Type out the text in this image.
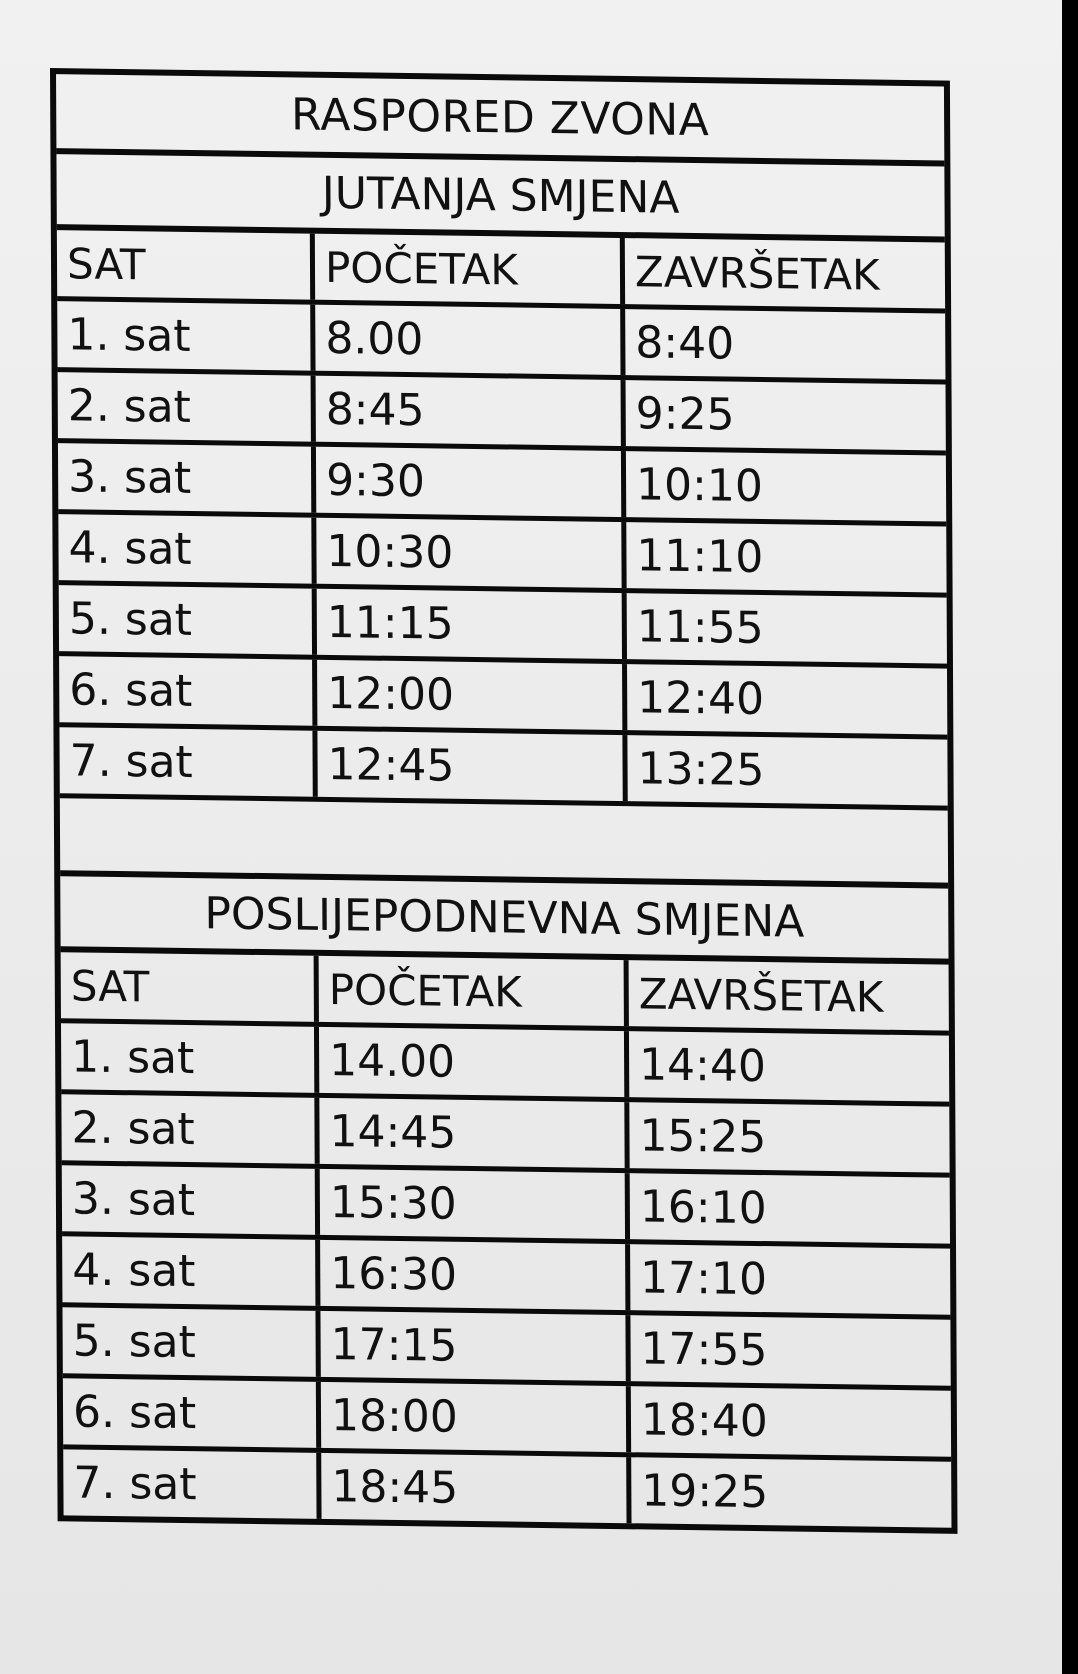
RASPORED ZVONA
JUTANJA SMJENA
SAT	POČETAK	ZAVRŠETAK
1. sat	8.00	8:40
2. sat	8:45	9:25
3. sat	9:30	10:10
4. sat	10:30	11:10
5. sat	11:15	11:55
6. sat	12:00	12:40
7. sat	12:45	13:25
POSLIJEPODNEVNA SMJENA
SAT	POČETAK	ZAVRŠETAK
1. sat	14.00	14:40
2. sat	14:45	15:25
3. sat	15:30	16:10
4. sat	16:30	17:10
5. sat	17:15	17:55
6. sat	18:00	18:40
7. sat	18:45	19:25
